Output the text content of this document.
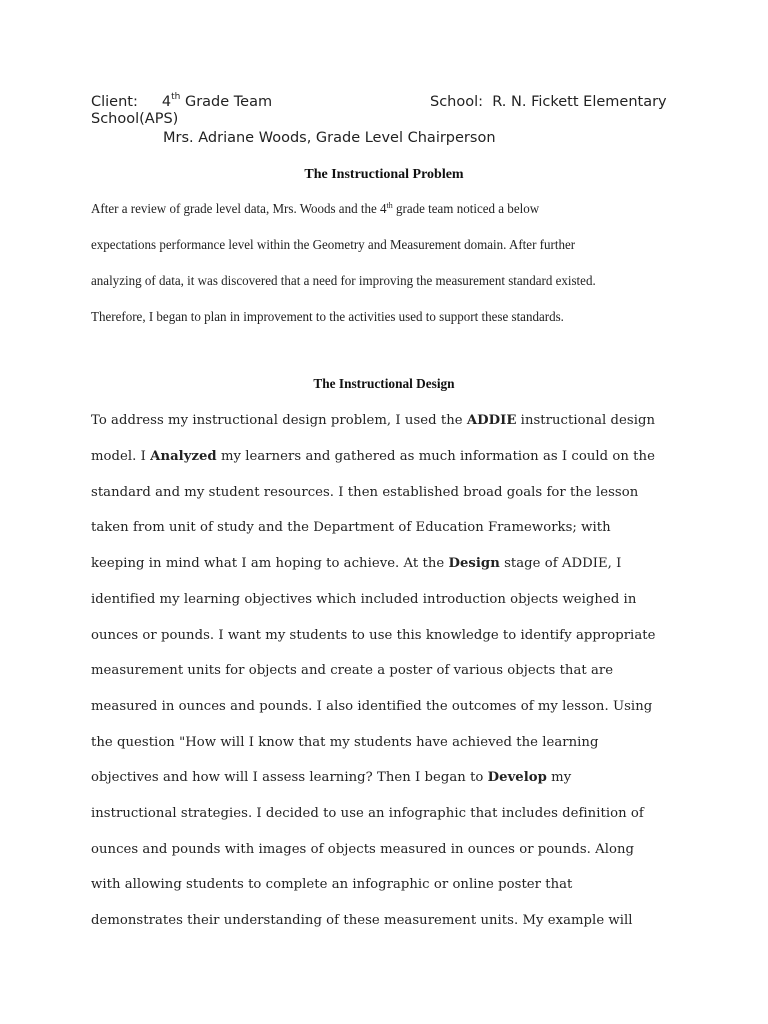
Client: 4th Grade Team	School: R. N. Fickett Elementary
School(APS)
Mrs. Adriane Woods, Grade Level Chairperson
The Instructional Problem
After a review of grade level data, Mrs. Woods and the 4th grade team noticed a below
expectations performance level within the Geometry and Measurement domain. After further
analyzing of data, it was discovered that a need for improving the measurement standard existed.
Therefore, I began to plan in improvement to the activities used to support these standards.
The Instructional Design
To address my instructional design problem, I used the ADDIE instructional design
model. I Analyzed my learners and gathered as much information as I could on the
standard and my student resources. I then established broad goals for the lesson
taken from unit of study and the Department of Education Frameworks; with
keeping in mind what I am hoping to achieve. At the Design stage of ADDIE, I
identified my learning objectives which included introduction objects weighed in
ounces or pounds. I want my students to use this knowledge to identify appropriate
measurement units for objects and create a poster of various objects that are
measured in ounces and pounds. I also identified the outcomes of my lesson. Using
the question "How will I know that my students have achieved the learning
objectives and how will I assess learning? Then I began to Develop my
instructional strategies. I decided to use an infographic that includes definition of
ounces and pounds with images of objects measured in ounces or pounds. Along
with allowing students to complete an infographic or online poster that
demonstrates their understanding of these measurement units. My example will
